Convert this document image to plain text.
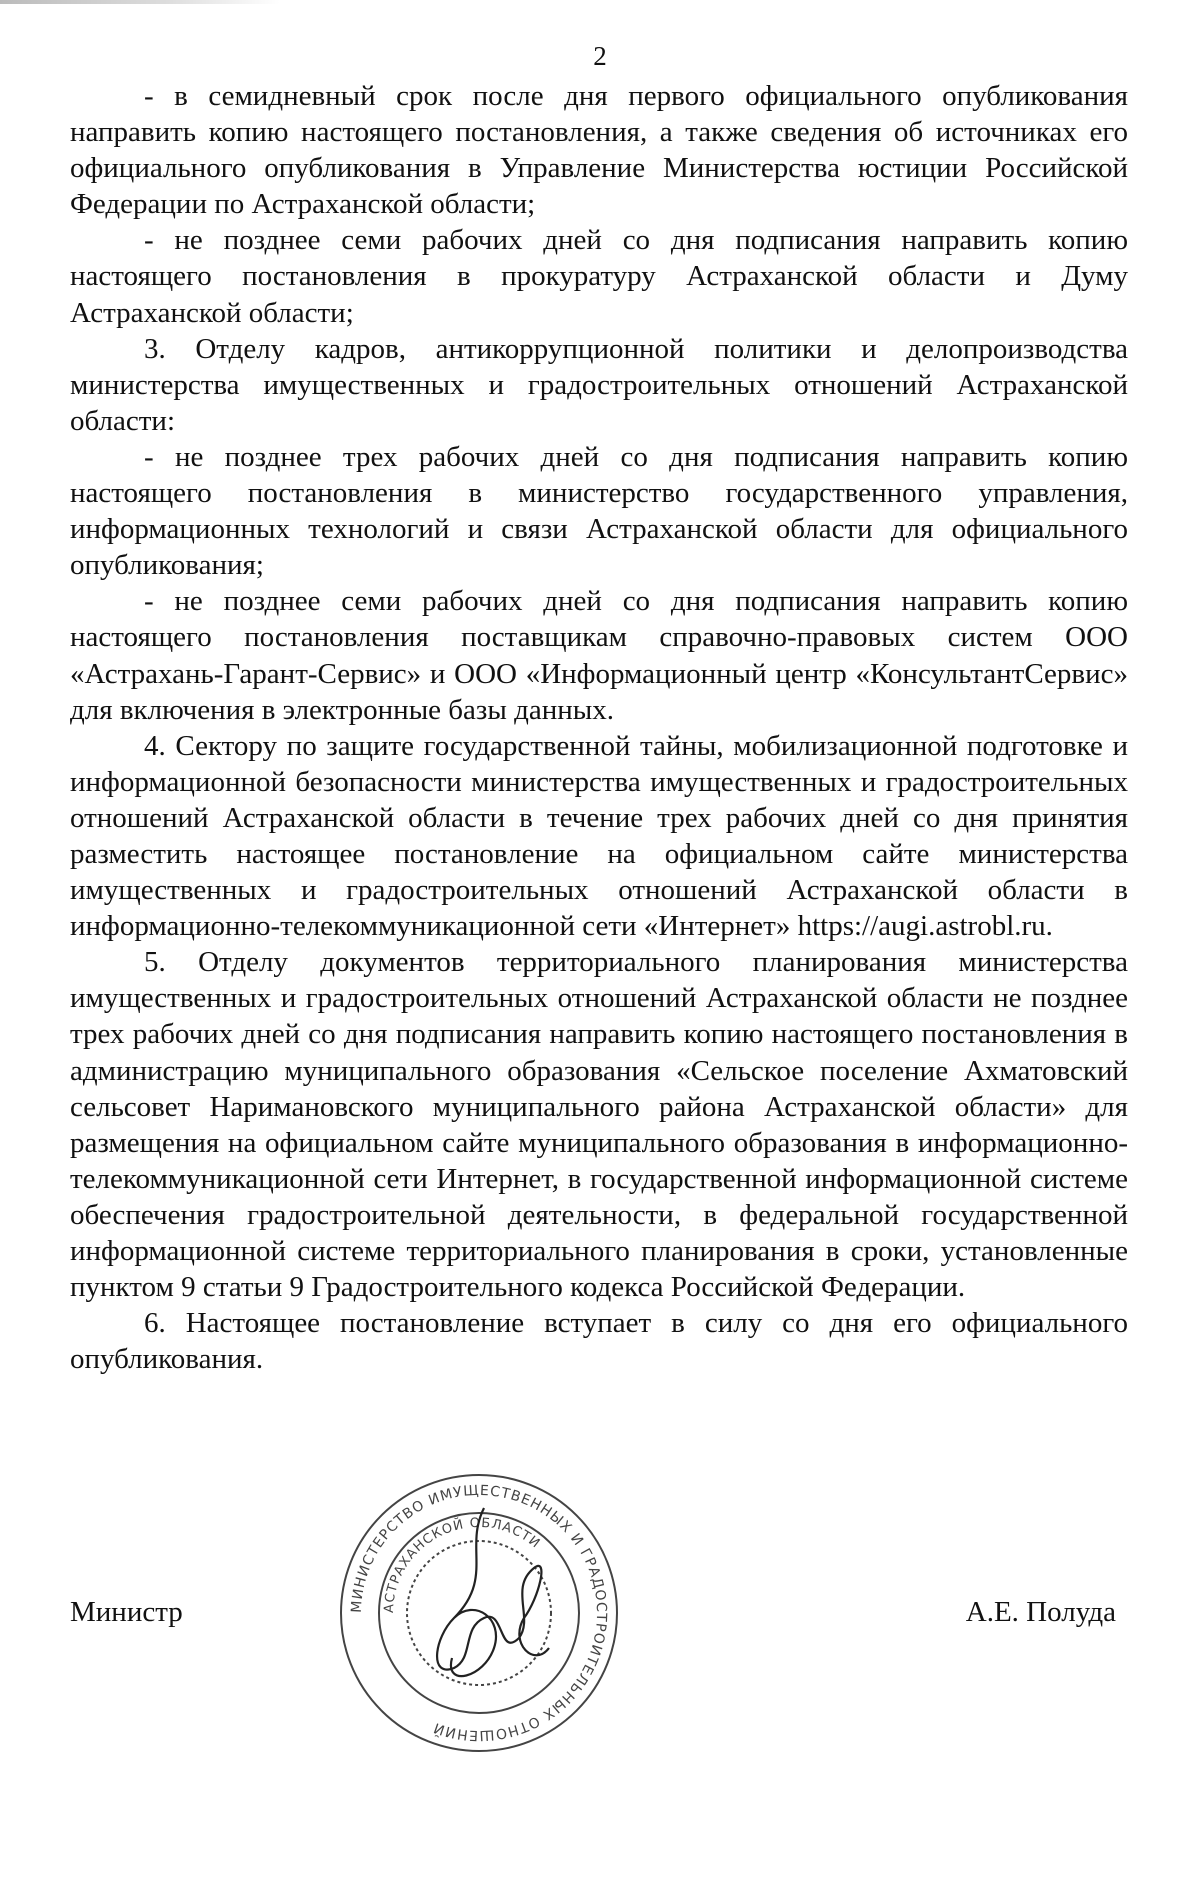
2

- в семидневный срок после дня первого официального опубликования направить копию настоящего постановления, а также сведения об источниках его официального опубликования в Управление Министерства юстиции Российской Федерации по Астраханской области;

- не позднее семи рабочих дней со дня подписания направить копию настоящего постановления в прокуратуру Астраханской области и Думу Астраханской области;

3. Отделу кадров, антикоррупционной политики и делопроизводства министерства имущественных и градостроительных отношений Астраханской области:

- не позднее трех рабочих дней со дня подписания направить копию настоящего постановления в министерство государственного управления, информационных технологий и связи Астраханской области для официального опубликования;

- не позднее семи рабочих дней со дня подписания направить копию настоящего постановления поставщикам справочно-правовых систем ООО «Астрахань-Гарант-Сервис» и ООО «Информационный центр «КонсультантСервис» для включения в электронные базы данных.

4. Сектору по защите государственной тайны, мобилизационной подготовке и информационной безопасности министерства имущественных и градостроительных отношений Астраханской области в течение трех рабочих дней со дня принятия разместить настоящее постановление на официальном сайте министерства имущественных и градостроительных отношений Астраханской области в информационно-телекоммуникационной сети «Интернет» https://augi.astrobl.ru.

5. Отделу документов территориального планирования министерства имущественных и градостроительных отношений Астраханской области не позднее трех рабочих дней со дня подписания направить копию настоящего постановления в администрацию муниципального образования «Сельское поселение Ахматовский сельсовет Наримановского муниципального района Астраханской области» для размещения на официальном сайте муниципального образования в информационно-телекоммуникационной сети Интернет, в государственной информационной системе обеспечения градостроительной деятельности, в федеральной государственной информационной системе территориального планирования в сроки, установленные пунктом 9 статьи 9 Градостроительного кодекса Российской Федерации.

6. Настоящее постановление вступает в силу со дня его официального опубликования.

МИНИСТЕРСТВО ИМУЩЕСТВЕННЫХ И ГРАДОСТРОИТЕЛЬНЫХ ОТНОШЕНИЙ
АСТРАХАНСКОЙ ОБЛАСТИ
Министр	А.Е. Полуда
